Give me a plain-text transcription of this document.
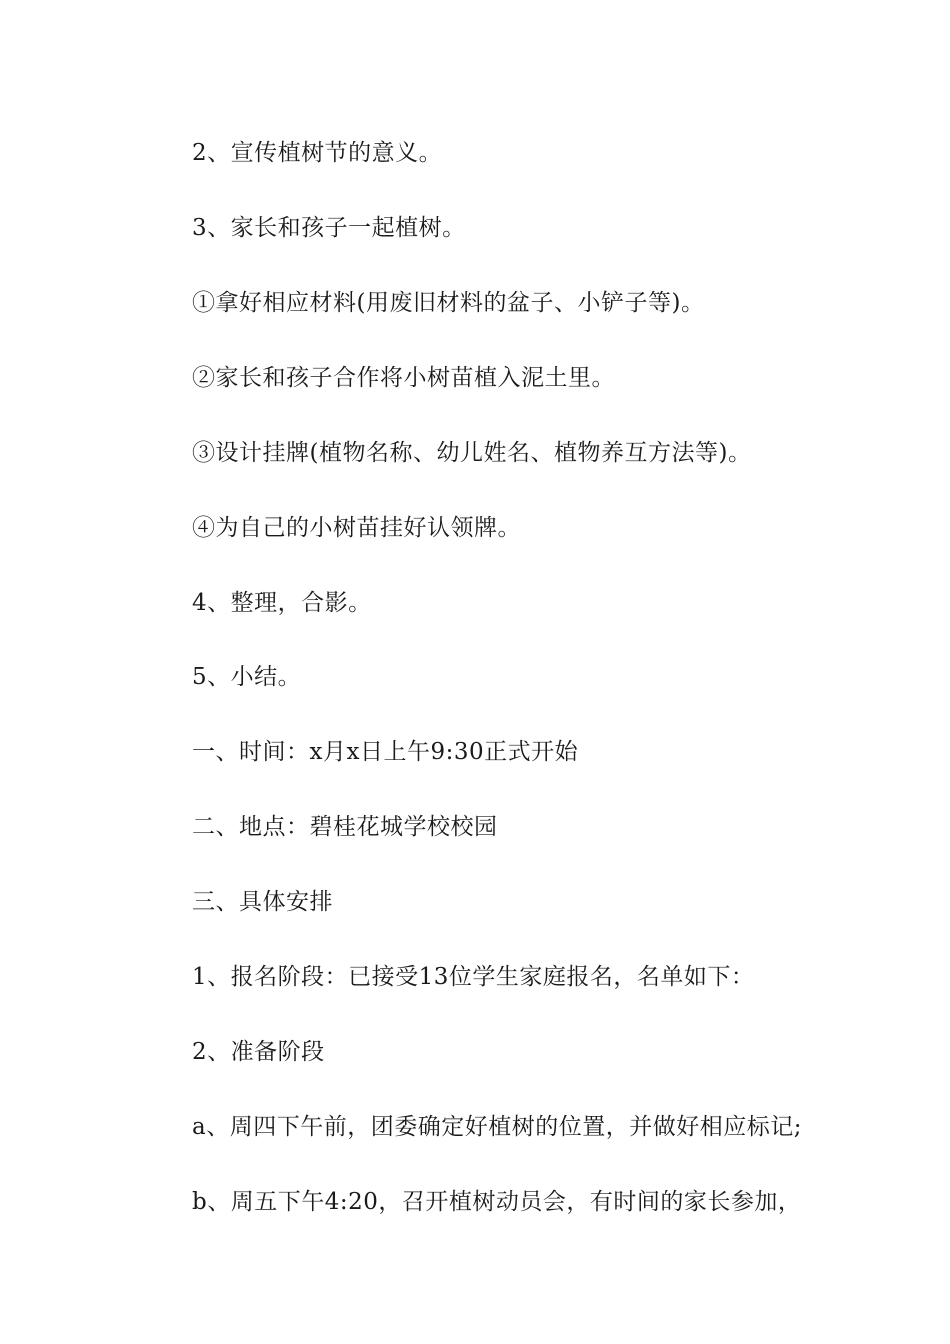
2、宣传植树节的意义。
3、家长和孩子一起植树。
①拿好相应材料(用废旧材料的盆子、小铲子等)。
②家长和孩子合作将小树苗植入泥土里。
③设计挂牌(植物名称、幼儿姓名、植物养互方法等)。
④为自己的小树苗挂好认领牌。
4、整理，合影。
5、小结。
一、时间：x月x日上午9:30正式开始
二、地点：碧桂花城学校校园
三、具体安排
1、报名阶段：已接受13位学生家庭报名，名单如下：
2、准备阶段
a、周四下午前，团委确定好植树的位置，并做好相应标记;
b、周五下午4:20，召开植树动员会，有时间的家长参加，
